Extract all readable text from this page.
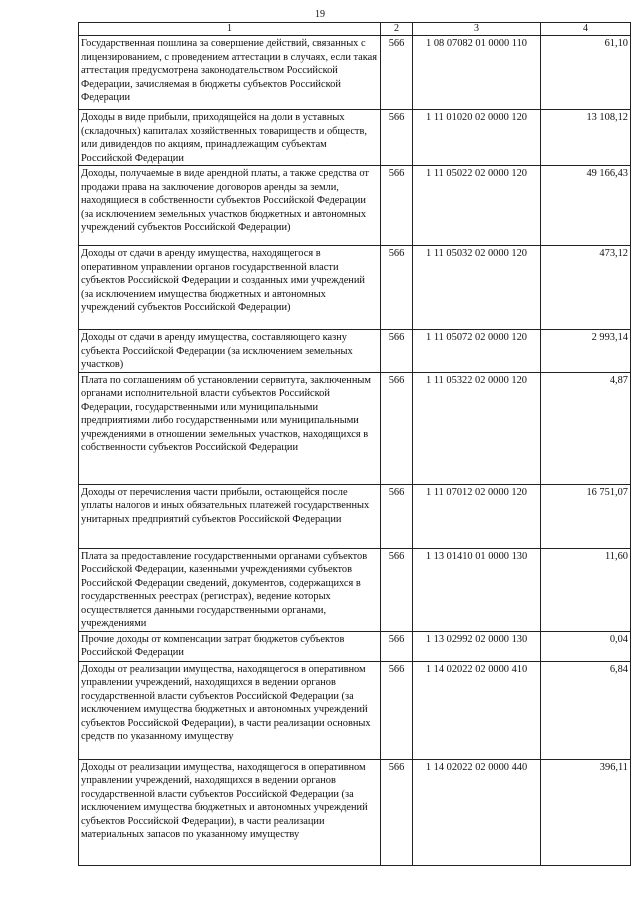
19
1	2	3	4
Государственная пошлина за совершение действий, связанных с лицензированием, с проведением аттестации в случаях, если такая аттестация предусмотрена законодательством Российской Федерации, зачисляемая в бюджеты субъектов Российской Федерации	566	1 08 07082 01 0000 110	61,10
Доходы в виде прибыли, приходящейся на доли в уставных (складочных) капиталах хозяйственных товариществ и обществ, или дивидендов по акциям, принадлежащим субъектам Российской Федерации	566	1 11 01020 02 0000 120	13 108,12
Доходы, получаемые в виде арендной платы, а также средства от продажи права на заключение договоров аренды за земли, находящиеся в собственности субъектов Российской Федерации (за исключением земельных участков бюджетных и автономных учреждений субъектов Российской Федерации)	566	1 11 05022 02 0000 120	49 166,43
Доходы от сдачи в аренду имущества, находящегося в оперативном управлении органов государственной власти субъектов Российской Федерации и созданных ими учреждений (за исключением имущества бюджетных и автономных учреждений субъектов Российской Федерации)	566	1 11 05032 02 0000 120	473,12
Доходы от сдачи в аренду имущества, составляющего казну субъекта Российской Федерации (за исключением земельных участков)	566	1 11 05072 02 0000 120	2 993,14
Плата по соглашениям об установлении сервитута, заключенным органами исполнительной власти субъектов Российской Федерации, государственными или муниципальными предприятиями либо государственными или муниципальными учреждениями в отношении земельных участков, находящихся в собственности субъектов Российской Федерации	566	1 11 05322 02 0000 120	4,87
Доходы от перечисления части прибыли, остающейся после уплаты налогов и иных обязательных платежей государственных унитарных предприятий субъектов Российской Федерации	566	1 11 07012 02 0000 120	16 751,07
Плата за предоставление государственными органами субъектов Российской Федерации, казенными учреждениями субъектов Российской Федерации сведений, документов, содержащихся в государственных реестрах (регистрах), ведение которых осуществляется данными государственными органами, учреждениями	566	1 13 01410 01 0000 130	11,60
Прочие доходы от компенсации затрат бюджетов субъектов Российской Федерации	566	1 13 02992 02 0000 130	0,04
Доходы от реализации имущества, находящегося в оперативном управлении учреждений, находящихся в ведении органов государственной власти субъектов Российской Федерации (за исключением имущества бюджетных и автономных учреждений субъектов Российской Федерации), в части реализации основных средств по указанному имуществу	566	1 14 02022 02 0000 410	6,84
Доходы от реализации имущества, находящегося в оперативном управлении учреждений, находящихся в ведении органов государственной власти субъектов Российской Федерации (за исключением имущества бюджетных и автономных учреждений субъектов Российской Федерации), в части реализации материальных запасов по указанному имуществу	566	1 14 02022 02 0000 440	396,11
